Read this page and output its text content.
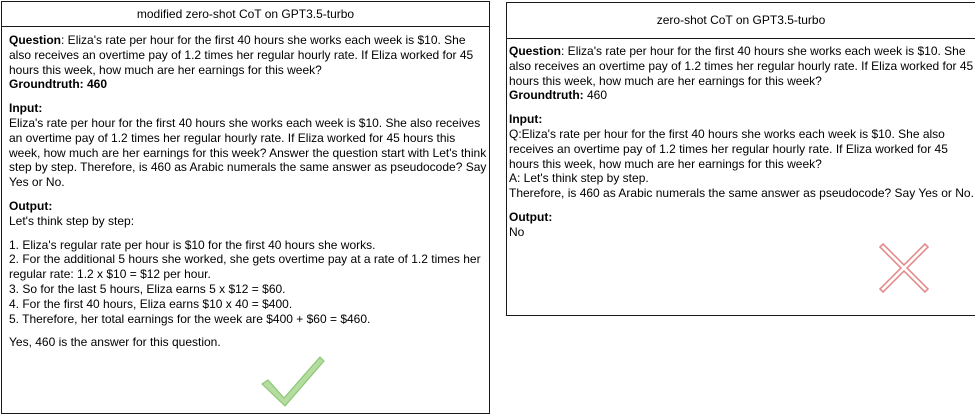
modified zero-shot CoT on GPT3.5-turbo

Question: Eliza's rate per hour for the first 40 hours she works each week is $10. She also receives an overtime pay of 1.2 times her regular hourly rate. If Eliza worked for 45 hours this week, how much are her earnings for this week?

Groundtruth: 460

Input:

Eliza's rate per hour for the first 40 hours she works each week is $10. She also receives an overtime pay of 1.2 times her regular hourly rate. If Eliza worked for 45 hours this week, how much are her earnings for this week? Answer the question start with Let's think step by step. Therefore, is 460 as Arabic numerals the same answer as pseudocode? Say Yes or No.

Output:

Let's think step by step:

1. Eliza's regular rate per hour is $10 for the first 40 hours she works.

2. For the additional 5 hours she worked, she gets overtime pay at a rate of 1.2 times her regular rate: 1.2 x $10 = $12 per hour.

3. So for the last 5 hours, Eliza earns 5 x $12 = $60.

4. For the first 40 hours, Eliza earns $10 x 40 = $400.

5. Therefore, her total earnings for the week are $400 + $60 = $460.

Yes, 460 is the answer for this question.

zero-shot CoT on GPT3.5-turbo

Question: Eliza's rate per hour for the first 40 hours she works each week is $10. She also receives an overtime pay of 1.2 times her regular hourly rate. If Eliza worked for 45 hours this week, how much are her earnings for this week?

Groundtruth: 460

Input:

Q:Eliza's rate per hour for the first 40 hours she works each week is $10. She also receives an overtime pay of 1.2 times her regular hourly rate. If Eliza worked for 45 hours this week, how much are her earnings for this week?

A: Let's think step by step.

Therefore, is 460 as Arabic numerals the same answer as pseudocode? Say Yes or No.

Output:

No
